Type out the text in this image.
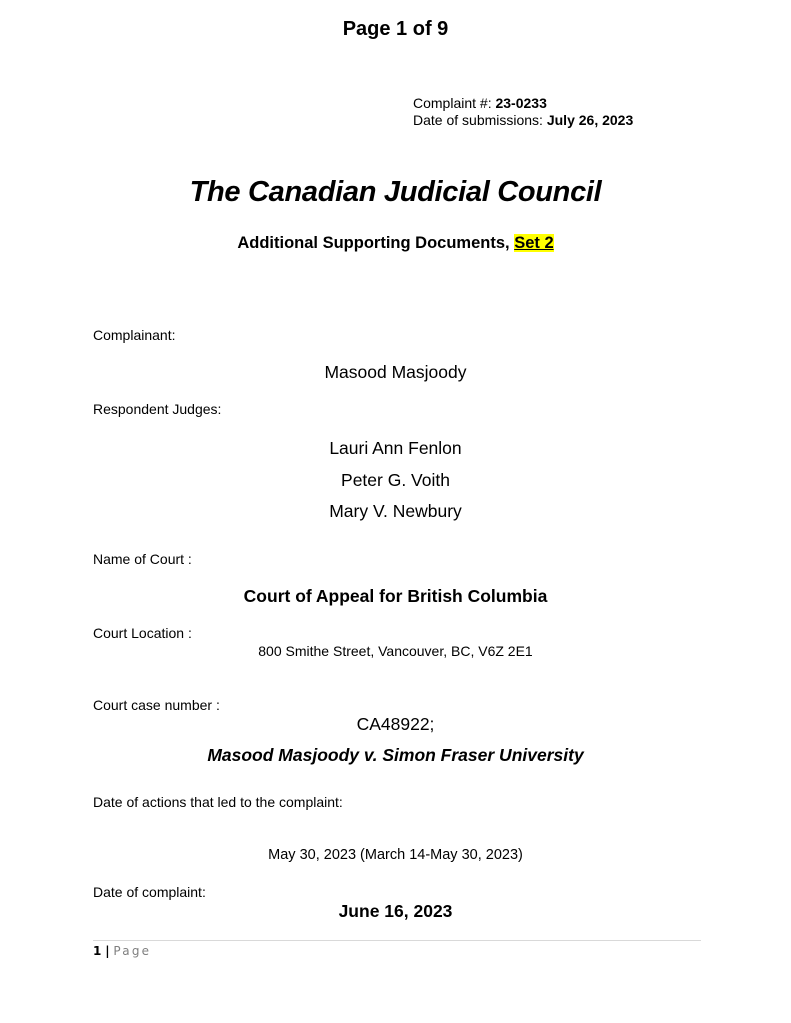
Page 1 of 9
Complaint #: 23-0233
Date of submissions: July 26, 2023
The Canadian Judicial Council
Additional Supporting Documents, Set 2
Complainant:
Masood Masjoody
Respondent Judges:
Lauri Ann Fenlon
Peter G. Voith
Mary V. Newbury
Name of Court :
Court of Appeal for British Columbia
Court Location :
800 Smithe Street, Vancouver, BC, V6Z 2E1
Court case number :
CA48922;
Masood Masjoody v. Simon Fraser University
Date of actions that led to the complaint:
May 30, 2023 (March 14-May 30, 2023)
Date of complaint:
June 16, 2023
1 | Page
